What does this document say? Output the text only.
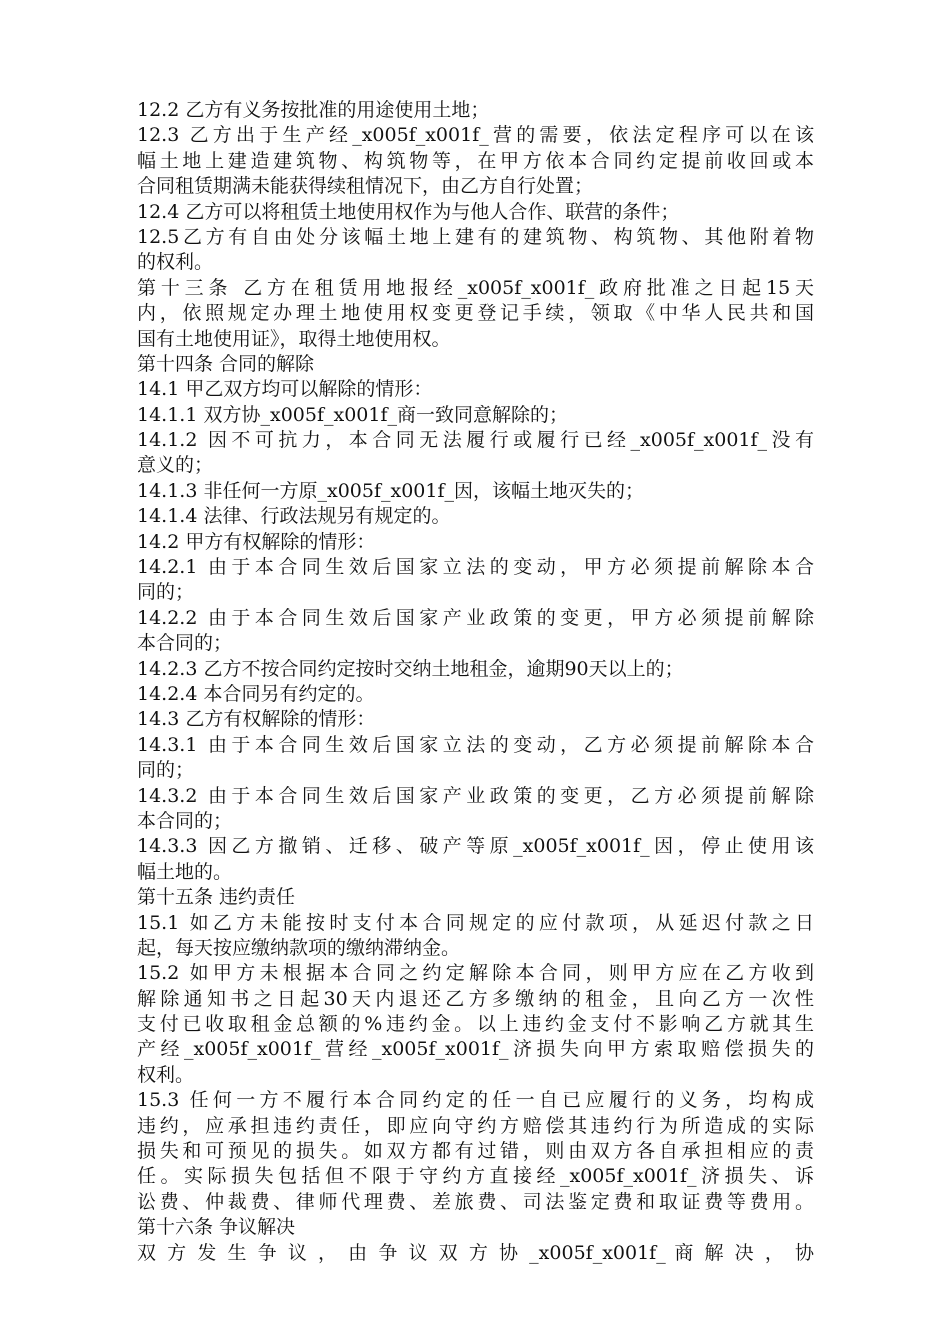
12.2 乙方有义务按批准的用途使用土地；
12.3 乙方出于生产经_x005f_x001f_营的需要，依法定程序可以在该
幅土地上建造建筑物、构筑物等，在甲方依本合同约定提前收回或本
合同租赁期满未能获得续租情况下，由乙方自行处置；
12.4 乙方可以将租赁土地使用权作为与他人合作、联营的条件；
12.5乙方有自由处分该幅土地上建有的建筑物、构筑物、其他附着物
的权利。
第十三条 乙方在租赁用地报经_x005f_x001f_政府批准之日起15天
内，依照规定办理土地使用权变更登记手续，领取《中华人民共和国
国有土地使用证》，取得土地使用权。
第十四条 合同的解除
14.1 甲乙双方均可以解除的情形：
14.1.1 双方协_x005f_x001f_商一致同意解除的；
14.1.2 因不可抗力，本合同无法履行或履行已经_x005f_x001f_没有
意义的；
14.1.3 非任何一方原_x005f_x001f_因，该幅土地灭失的；
14.1.4 法律、行政法规另有规定的。
14.2 甲方有权解除的情形：
14.2.1 由于本合同生效后国家立法的变动，甲方必须提前解除本合
同的；
14.2.2 由于本合同生效后国家产业政策的变更，甲方必须提前解除
本合同的；
14.2.3 乙方不按合同约定按时交纳土地租金，逾期90天以上的；
14.2.4 本合同另有约定的。
14.3 乙方有权解除的情形：
14.3.1 由于本合同生效后国家立法的变动，乙方必须提前解除本合
同的；
14.3.2 由于本合同生效后国家产业政策的变更，乙方必须提前解除
本合同的；
14.3.3 因乙方撤销、迁移、破产等原_x005f_x001f_因，停止使用该
幅土地的。
第十五条 违约责任
15.1 如乙方未能按时支付本合同规定的应付款项，从延迟付款之日
起，每天按应缴纳款项的缴纳滞纳金。
15.2 如甲方未根据本合同之约定解除本合同，则甲方应在乙方收到
解除通知书之日起30天内退还乙方多缴纳的租金，且向乙方一次性
支付已收取租金总额的%违约金。以上违约金支付不影响乙方就其生
产经_x005f_x001f_营经_x005f_x001f_济损失向甲方索取赔偿损失的
权利。
15.3 任何一方不履行本合同约定的任一自已应履行的义务，均构成
违约，应承担违约责任，即应向守约方赔偿其违约行为所造成的实际
损失和可预见的损失。如双方都有过错，则由双方各自承担相应的责
任。实际损失包括但不限于守约方直接经_x005f_x001f_济损失、诉
讼费、仲裁费、律师代理费、差旅费、司法鉴定费和取证费等费用。
第十六条 争议解决
双 方 发 生 争 议 ， 由 争 议 双 方 协 _x005f_x001f_ 商 解 决 ， 协
